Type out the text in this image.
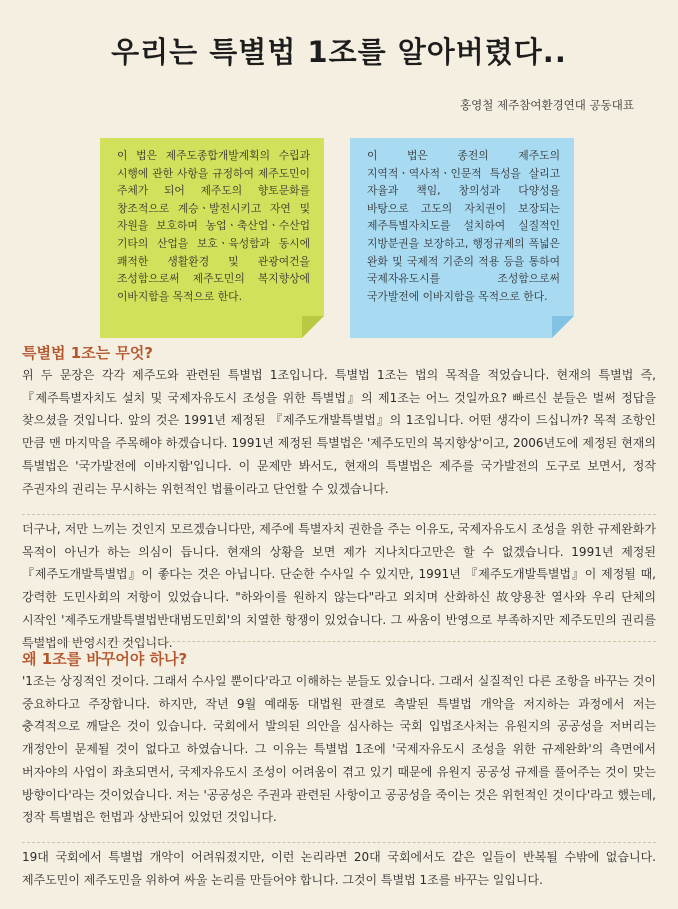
우리는 특별법 1조를 알아버렸다..
홍영철 제주참여환경연대 공동대표
이 법은 제주도종합개발계획의 수립과 시행에 관한 사항을 규정하여 제주도민이 주체가 되어 제주도의 향토문화를 창조적으로 계승ㆍ발전시키고 자연 및 자원을 보호하며 농업ㆍ축산업ㆍ수산업 기타의 산업을 보호ㆍ육성함과 동시에 쾌적한 생활환경 및 관광여건을 조성함으로써 제주도민의 복지향상에 이바지함을 목적으로 한다.
이 법은 종전의 제주도의 지역적ㆍ역사적ㆍ인문적 특성을 살리고 자율과 책임, 창의성과 다양성을 바탕으로 고도의 자치권이 보장되는 제주특별자치도를 설치하여 실질적인 지방분권을 보장하고, 행정규제의 폭넓은 완화 및 국제적 기준의 적용 등을 통하여 국제자유도시를 조성함으로써 국가발전에 이바지함을 목적으로 한다.
특별법 1조는 무엇?
위 두 문장은 각각 제주도와 관련된 특별법 1조입니다. 특별법 1조는 법의 목적을 적었습니다. 현재의 특별법 즉, 『제주특별자치도 설치 및 국제자유도시 조성을 위한 특별법』의 제1조는 어느 것일까요? 빠르신 분들은 벌써 정답을 찾으셨을 것입니다. 앞의 것은 1991년 제정된 『제주도개발특별법』의 1조입니다. 어떤 생각이 드십니까? 목적 조항인 만큼 맨 마지막을 주목해야 하겠습니다. 1991년 제정된 특별법은 '제주도민의 복지향상'이고, 2006년도에 제정된 현재의 특별법은 '국가발전에 이바지함'입니다. 이 문제만 봐서도, 현재의 특별법은 제주를 국가발전의 도구로 보면서, 정작 주권자의 권리는 무시하는 위헌적인 법률이라고 단언할 수 있겠습니다.
더구나, 저만 느끼는 것인지 모르겠습니다만, 제주에 특별자치 권한을 주는 이유도, 국제자유도시 조성을 위한 규제완화가 목적이 아닌가 하는 의심이 듭니다. 현재의 상황을 보면 제가 지나치다고만은 할 수 없겠습니다. 1991년 제정된 『제주도개발특별법』이 좋다는 것은 아닙니다. 단순한 수사일 수 있지만, 1991년 『제주도개발특별법』이 제정될 때, 강력한 도민사회의 저항이 있었습니다. "하와이를 원하지 않는다"라고 외치며 산화하신 故양용찬 열사와 우리 단체의 시작인 '제주도개발특별법반대범도민회'의 치열한 항쟁이 있었습니다. 그 싸움이 반영으로 부족하지만 제주도민의 권리를 특별법에 반영시킨 것입니다.
왜 1조를 바꾸어야 하나?
'1조는 상징적인 것이다. 그래서 수사일 뿐이다'라고 이해하는 분들도 있습니다. 그래서 실질적인 다른 조항을 바꾸는 것이 중요하다고 주장합니다. 하지만, 작년 9월 예래동 대법원 판결로 촉발된 특별법 개악을 저지하는 과정에서 저는 충격적으로 깨달은 것이 있습니다. 국회에서 발의된 의안을 심사하는 국회 입법조사처는 유원지의 공공성을 저버리는 개정안이 문제될 것이 없다고 하였습니다. 그 이유는 특별법 1조에 '국제자유도시 조성을 위한 규제완화'의 측면에서 버자야의 사업이 좌초되면서, 국제자유도시 조성이 어려움이 겪고 있기 때문에 유원지 공공성 규제를 풀어주는 것이 맞는 방향이다'라는 것이었습니다. 저는 '공공성은 주권과 관련된 사항이고 공공성을 죽이는 것은 위헌적인 것이다'라고 했는데, 정작 특별법은 헌법과 상반되어 있었던 것입니다.
19대 국회에서 특별법 개악이 어려워졌지만, 이런 논리라면 20대 국회에서도 같은 일들이 반복될 수밖에 없습니다. 제주도민이 제주도민을 위하여 싸울 논리를 만들어야 합니다. 그것이 특별법 1조를 바꾸는 일입니다.
